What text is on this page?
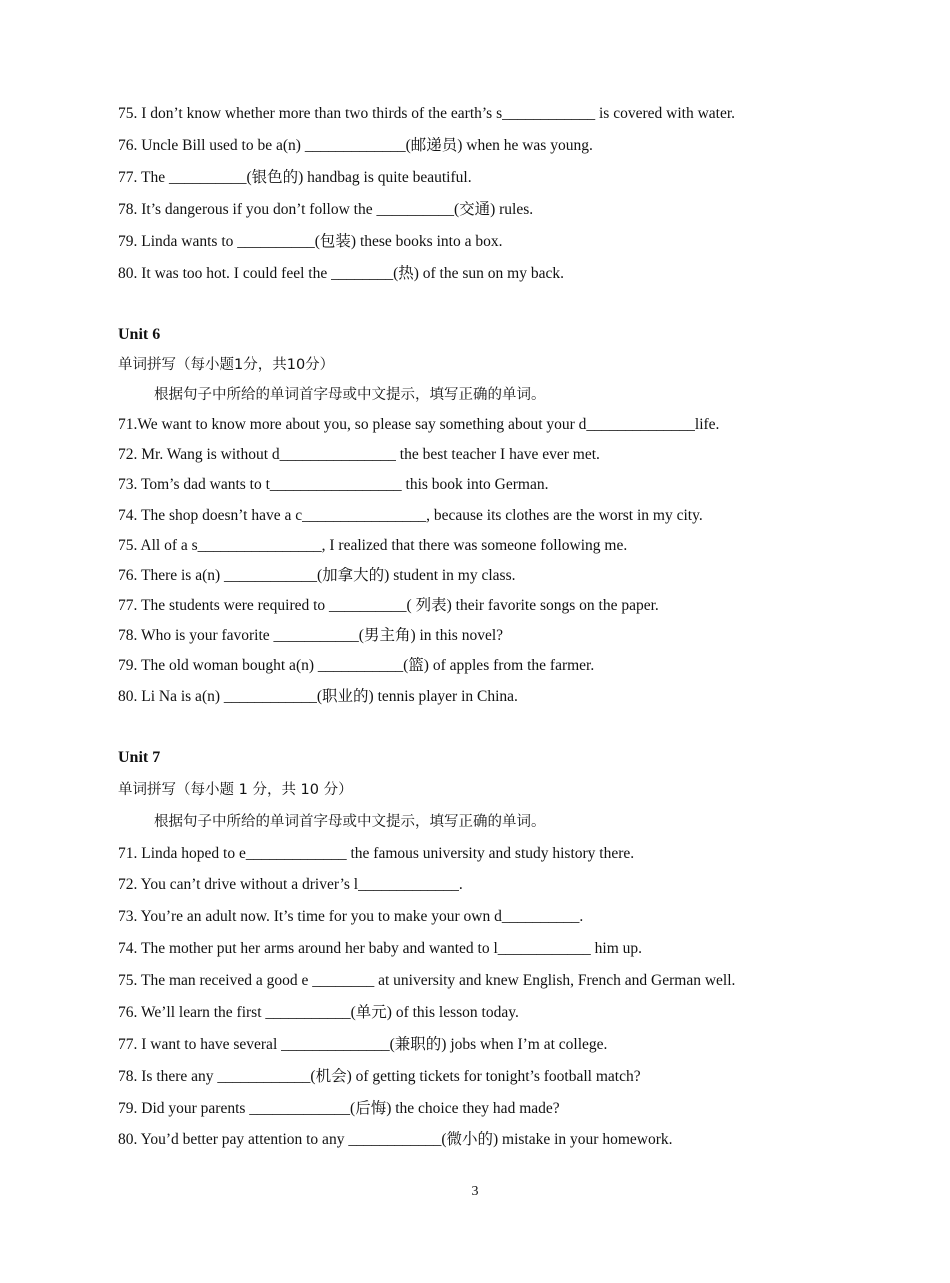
75. I don’t know whether more than two thirds of the earth’s s____________ is covered with water.
76. Uncle Bill used to be a(n) _____________(邮递员) when he was young.
77. The __________(银色的) handbag is quite beautiful.
78. It’s dangerous if you don’t follow the __________(交通) rules.
79. Linda wants to __________(包装) these books into a box.
80. It was too hot. I could feel the ________(热) of the sun on my back.
Unit 6
单词拼写（每小题1分，共10分）
根据句子中所给的单词首字母或中文提示，填写正确的单词。
71.We want to know more about you, so please say something about your d______________life.
72. Mr. Wang is without d_______________ the best teacher I have ever met.
73. Tom’s dad wants to t_________________ this book into German.
74. The shop doesn’t have a c________________, because its clothes are the worst in my city.
75. All of a s________________, I realized that there was someone following me.
76. There is a(n) ____________(加拿大的) student in my class.
77. The students were required to __________( 列表) their favorite songs on the paper.
78. Who is your favorite ___________(男主角) in this novel?
79. The old woman bought a(n) ___________(篮) of apples from the farmer.
80. Li Na is a(n) ____________(职业的) tennis player in China.
Unit 7
单词拼写（每小题 1 分，共 10 分）
根据句子中所给的单词首字母或中文提示，填写正确的单词。
71. Linda hoped to e_____________ the famous university and study history there.
72. You can’t drive without a driver’s l_____________.
73. You’re an adult now. It’s time for you to make your own d__________.
74. The mother put her arms around her baby and wanted to l____________ him up.
75. The man received a good e ________ at university and knew English, French and German well.
76. We’ll learn the first ___________(单元) of this lesson today.
77. I want to have several ______________(兼职的) jobs when I’m at college.
78. Is there any ____________(机会) of getting tickets for tonight’s football match?
79. Did your parents _____________(后悔) the choice they had made?
80. You’d better pay attention to any ____________(微小的) mistake in your homework.
3
